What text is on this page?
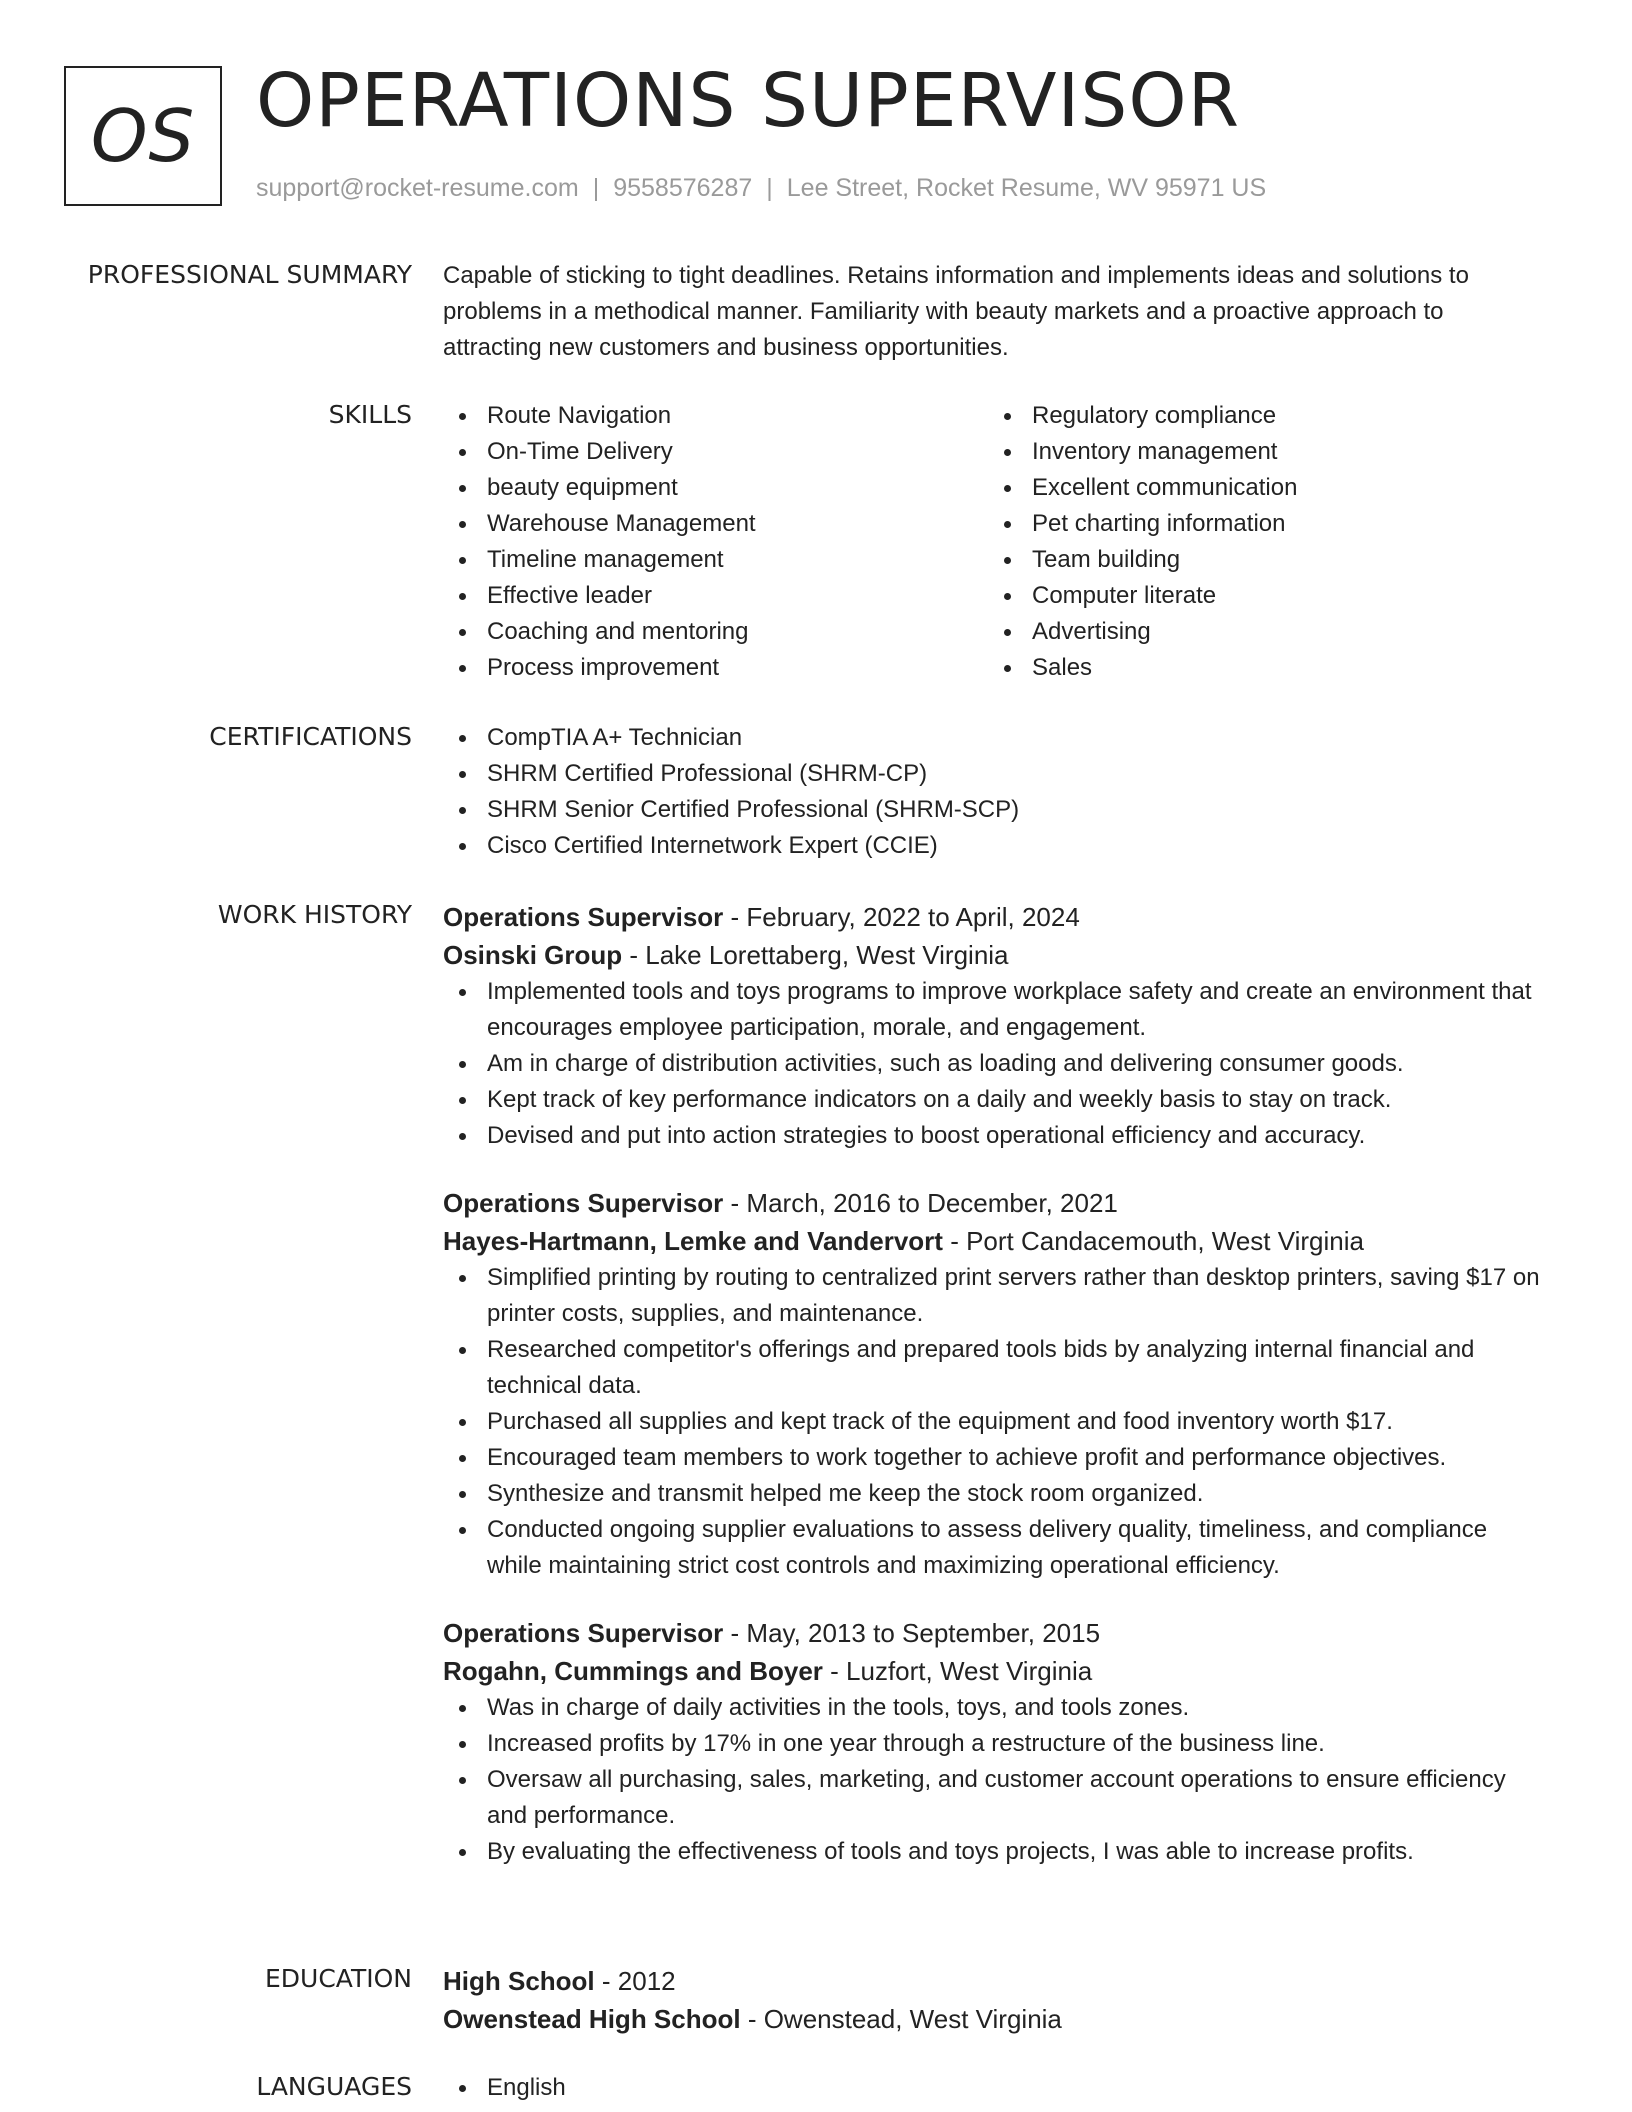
OS OPERATIONS SUPERVISOR
support@rocket-resume.com | 9558576287 | Lee Street, Rocket Resume, WV 95971 US
PROFESSIONAL SUMMARY Capable of sticking to tight deadlines. Retains information and implements ideas and solutions to problems in a methodical manner. Familiarity with beauty markets and a proactive approach to attracting new customers and business opportunities.

SKILLS	Route Navigation
On-Time Delivery
beauty equipment
Warehouse Management
Timeline management
Effective leader
Coaching and mentoring
Process improvement
Regulatory compliance
Inventory management
Excellent communication
Pet charting information
Team building
Computer literate
Advertising
Sales
CERTIFICATIONS	CompTIA A+ Technician
SHRM Certified Professional (SHRM-CP)
SHRM Senior Certified Professional (SHRM-SCP)
Cisco Certified Internetwork Expert (CCIE)
WORK HISTORY Operations Supervisor - February, 2022 to April, 2024
Osinski Group - Lake Lorettaberg, West Virginia
Implemented tools and toys programs to improve workplace safety and create an environment that encourages employee participation, morale, and engagement.
Am in charge of distribution activities, such as loading and delivering consumer goods.
Kept track of key performance indicators on a daily and weekly basis to stay on track.
Devised and put into action strategies to boost operational efficiency and accuracy.
Operations Supervisor - March, 2016 to December, 2021
Hayes-Hartmann, Lemke and Vandervort - Port Candacemouth, West Virginia
Simplified printing by routing to centralized print servers rather than desktop printers, saving $17 on printer costs, supplies, and maintenance.
Researched competitor's offerings and prepared tools bids by analyzing internal financial and technical data.
Purchased all supplies and kept track of the equipment and food inventory worth $17.
Encouraged team members to work together to achieve profit and performance objectives.
Synthesize and transmit helped me keep the stock room organized.
Conducted ongoing supplier evaluations to assess delivery quality, timeliness, and compliance while maintaining strict cost controls and maximizing operational efficiency.
Operations Supervisor - May, 2013 to September, 2015
Rogahn, Cummings and Boyer - Luzfort, West Virginia
Was in charge of daily activities in the tools, toys, and tools zones.
Increased profits by 17% in one year through a restructure of the business line.
Oversaw all purchasing, sales, marketing, and customer account operations to ensure efficiency and performance.
By evaluating the effectiveness of tools and toys projects, I was able to increase profits.
EDUCATION High School - 2012
Owenstead High School - Owenstead, West Virginia
LANGUAGES	English
